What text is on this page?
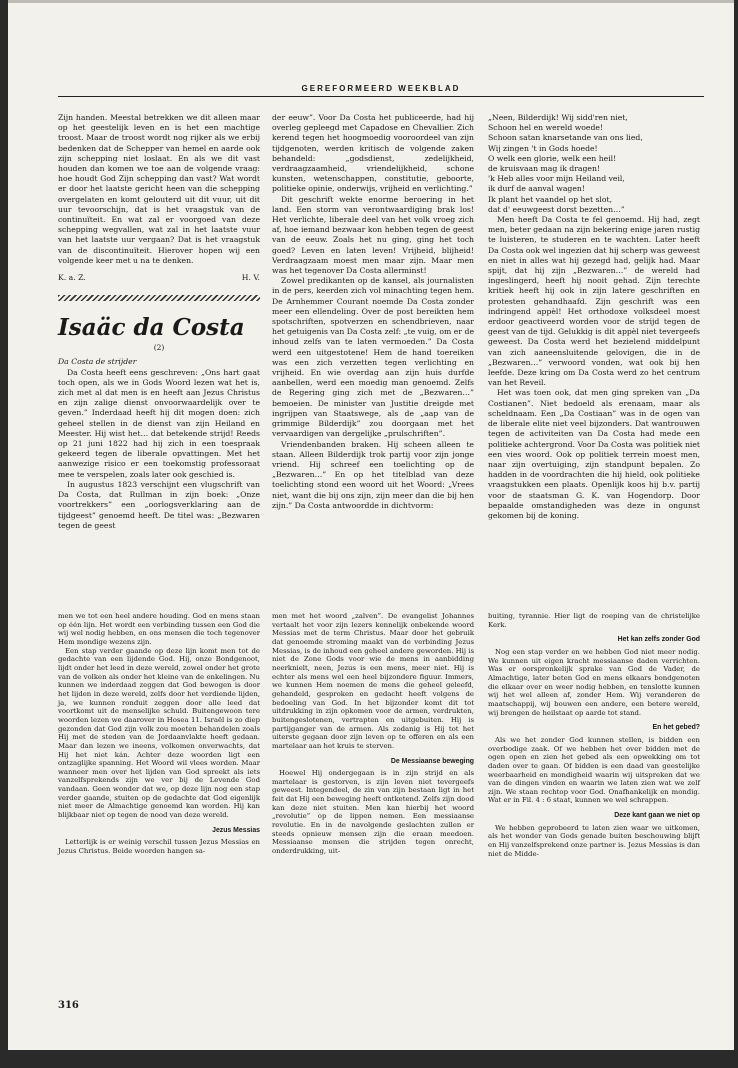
GEREFORMEERD WEEKBLAD

Zijn handen. Meestal betrekken we dit alleen maar op het geestelijk leven en is het een machtige troost. Maar de troost wordt nog rijker als we erbij bedenken dat de Schepper van hemel en aarde ook zijn schepping niet loslaat. En als we dit vast houden dan komen we toe aan de volgende vraag: hoe houdt God Zijn schepping dan vast? Wat wordt er door het laatste gericht heen van die schepping overgelaten en komt gelouterd uit dit vuur, uit dit uur tevoorschijn, dat is het vraagstuk van de continuïteit. En wat zal er voorgoed van deze schepping wegvallen, wat zal in het laatste vuur van het laatste uur vergaan? Dat is het vraagstuk van de discontinuïteit. Hierover hopen wij een volgende keer met u na te denken.

K. a. Z.	H. V.
Isaäc da Costa
(2)

Da Costa de strijder

Da Costa heeft eens geschreven: „Ons hart gaat toch open, als we in Gods Woord lezen wat het is, zich met al dat men is en heeft aan Jezus Christus en zijn zalige dienst onvoorwaardelijk over te geven.” Inderdaad heeft hij dit mogen doen: zich geheel stellen in de dienst van zijn Heiland en Meester. Hij wist het… dat betekende strijd! Reeds op 21 juni 1822 had hij zich in een toespraak gekeerd tegen de liberale opvattingen. Met het aanwezige risico er een toekomstig professoraat mee te verspelen, zoals later ook geschied is.

In augustus 1823 verschijnt een vlugschrift van Da Costa, dat Rullman in zijn boek: „Onze voortrekkers” een „oorlogsverklaring aan de tijdgeest” genoemd heeft. De titel was: „Bezwaren tegen de geest

der eeuw”. Voor Da Costa het publiceerde, had hij overleg gepleegd met Capadose en Chevallier. Zich kerend tegen het hoogmoedig vooroordeel van zijn tijdgenoten, werden kritisch de volgende zaken behandeld: „godsdienst, zedelijkheid, verdraagzaamheid, vriendelijkheid, schone kunsten, wetenschappen, constitutie, geboorte, politieke opinie, onderwijs, vrijheid en verlichting.”

Dit geschrift wekte enorme beroering in het land. Een storm van verontwaardiging brak los! Het verlichte, liberale deel van het volk vroeg zich af, hoe iemand bezwaar kon hebben tegen de geest van de eeuw. Zoals het nu ging, ging het toch goed? Leven en laten leven! Vrijheid, blijheid! Verdraagzaam moest men maar zijn. Maar men was het tegenover Da Costa allerminst!

Zowel predikanten op de kansel, als journalisten in de pers, keerden zich vol minachting tegen hem. De Arnhemmer Courant noemde Da Costa zonder meer een ellendeling. Over de post bereikten hem spotschriften, spotverzen en schendbrieven, naar het getuigenis van Da Costa zelf: „te vuig, om er de inhoud zelfs van te laten vermoeden.” Da Costa werd een uitgestotene! Hem de hand toereiken was een zich verzetten tegen verlichting en vrijheid. En wie overdag aan zijn huis durfde aanbellen, werd een moedig man genoemd. Zelfs de Regering ging zich met de „Bezwaren…” bemoeien. De minister van Justitie dreigde met ingrijpen van Staatswege, als de „aap van de grimmige Bilderdijk” zou doorgaan met het vervaardigen van dergelijke „prulschriften”.

Vriendenbanden braken. Hij scheen alleen te staan. Alleen Bilderdijk trok partij voor zijn jonge vriend. Hij schreef een toelichting op de „Bezwaren…” En op het titelblad van deze toelichting stond een woord uit het Woord: „Vrees niet, want die bij ons zijn, zijn meer dan die bij hen zijn.” Da Costa antwoordde in dichtvorm:

„Neen, Bilderdijk! Wij sidd'ren niet,
Schoon hel en wereld woede!
Schoon satan knarsetande van ons lied,
Wij zingen 't in Gods hoede!
O welk een glorie, welk een heil!
de kruisvaan mag ik dragen!
'k Heb alles voor mijn Heiland veil,
ik durf de aanval wagen!
Ik plant het vaandel op het slot,
dat d' eeuwgeest dorst bezetten…”

Men heeft Da Costa te fel genoemd. Hij had, zegt men, beter gedaan na zijn bekering enige jaren rustig te luisteren, te studeren en te wachten. Later heeft Da Costa ook wel ingezien dat hij scherp was geweest en niet in alles wat hij gezegd had, gelijk had. Maar spijt, dat hij zijn „Bezwaren…” de wereld had ingeslingerd, heeft hij nooit gehad. Zijn terechte kritiek heeft hij ook in zijn latere geschriften en protesten gehandhaafd. Zijn geschrift was een indringend appèl! Het orthodoxe volksdeel moest erdoor geactiveerd worden voor de strijd tegen de geest van de tijd. Gelukkig is dit appèl niet tevergeefs geweest. Da Costa werd het bezielend middelpunt van zich aaneensluitende gelovigen, die in de „Bezwaren…” verwoord vonden, wat ook bij hen leefde. Deze kring om Da Costa werd zo het centrum van het Reveil.

Het was toen ook, dat men ging spreken van „Da Costianen”. Niet bedoeld als erenaam, maar als scheldnaam. Een „Da Costiaan” was in de ogen van de liberale elite niet veel bijzonders. Dat wantrouwen tegen de activiteiten van Da Costa had mede een politieke achtergrond. Voor Da Costa was politiek niet een vies woord. Ook op politiek terrein moest men, naar zijn overtuiging, zijn standpunt bepalen. Zo hadden in de voordrachten die hij hield, ook politieke vraagstukken een plaats. Openlijk koos hij b.v. partij voor de staatsman G. K. van Hogendorp. Door bepaalde omstandigheden was deze in ongunst gekomen bij de koning.

men we tot een heel andere houding. God en mens staan op één lijn. Het wordt een verbinding tussen een God die wij wel nodig hebben, en ons mensen die toch tegenover Hem mondige wezens zijn.

Een stap verder gaande op deze lijn komt men tot de gedachte van een lijdende God. Hij, onze Bondgenoot, lijdt onder het leed in deze wereld, zowel onder het grote van de volken als onder het kleine van de enkelingen. Nu kunnen we inderdaad zeggen dat God bewogen is door het lijden in deze wereld, zelfs door het verdiende lijden, ja, we kunnen ronduit zeggen door alle leed dat voortkomt uit de menselijke schuld. Buitengewoon tere woorden lezen we daarover in Hosea 11. Israël is zo diep gezonden dat God zijn volk zou moeten behandelen zoals Hij met de steden van de Jordaanvlakte heeft gedaan. Maar dan lezen we ineens, volkomen onverwachts, dat Hij het niet kán. Achter deze woorden ligt een ontzaglijke spanning. Het Woord wil vlees worden. Maar wanneer men over het lijden van God spreekt als iets vanzelfsprekends zijn we ver bij de Levende God vandaan. Geen wonder dat we, op deze lijn nog een stap verder gaande, stuiten op de gedachte dat God eigenlijk niet meer de Almachtige genoemd kan worden. Hij kan blijkbaar niet op tegen de nood van deze wereld.

Jezus Messias

Letterlijk is er weinig verschil tussen Jezus Messias en Jezus Christus. Beide woorden hangen sa-

men met het woord „zalven”. De evangelist Johannes vertaalt het voor zijn lezers kennelijk onbekende woord Messias met de term Christus. Maar door het gebruik dat genoemde stroming maakt van de verbinding Jezus Messias, is de inhoud een geheel andere geworden. Hij is niet de Zone Gods voor wie de mens in aanbidding neerknielt, neen, Jezus is een mens, meer niet. Hij is echter als mens wel een heel bijzondere figuur. Immers, we kunnen Hem noemen de mens die geheel geleefd, gehandeld, gesproken en gedacht heeft volgens de bedoeling van God. In het bijzonder komt dit tot uitdrukking in zijn opkomen voor de armen, verdrukten, buitengeslotenen, vertrapten en uitgebuiten. Hij is partijganger van de armen. Als zodanig is Hij tot het uiterste gegaan door zijn leven op te offeren en als een martelaar aan het kruis te sterven.

De Messiaanse beweging

Hoewel Hij ondergegaan is in zijn strijd en als martelaar is gestorven, is zijn leven niet tevergeefs geweest. Integendeel, de zin van zijn bestaan ligt in het feit dat Hij een beweging heeft ontketend. Zelfs zijn dood kan deze niet stuiten. Men kan hierbij het woord „revolutie” op de lippen nemen. Een messiaanse revolutie. En in de navolgende geslachten zullen er steeds opnieuw mensen zijn die eraan meedoen. Messiaanse mensen die strijden tegen onrecht, onderdrukking, uit-

buiting, tyrannie. Hier ligt de roeping van de christelijke Kerk.

Het kan zelfs zonder God

Nog een stap verder en we hebben God niet meer nodig. We kunnen uit eigen kracht messiaanse daden verrichten. Was er oorspronkelijk sprake van God de Vader, de Almachtige, later beten God en mens elkaars bondgenoten die elkaar over en weer nodig hebben, en tenslotte kunnen wij het wel alleen af, zonder Hem. Wij veranderen de maatschappij, wij bouwen een andere, een betere wereld, wij brengen de heilstaat op aarde tot stand.

En het gebed?

Als we het zonder God kunnen stellen, is bidden een overbodige zaak. Of we hebben het over bidden met de ogen open en zien het gebed als een opwekking om tot daden over te gaan. Of bidden is een daad van geestelijke weerbaarheid en mondigheid waarin wij uitspreken dat we van de dingen vinden en waarin we laten zien wat we zelf zijn. We staan rechtop voor God. Onafhankelijk en mondig. Wat er in Fil. 4 : 6 staat, kunnen we wel schrappen.

Deze kant gaan we niet op

We hebben geprobeerd te laten zien waar we uitkomen, als het wonder van Gods genade buiten beschouwing blijft en Hij vanzelfsprekend onze partner is. Jezus Messias is dan niet de Midde-

316
